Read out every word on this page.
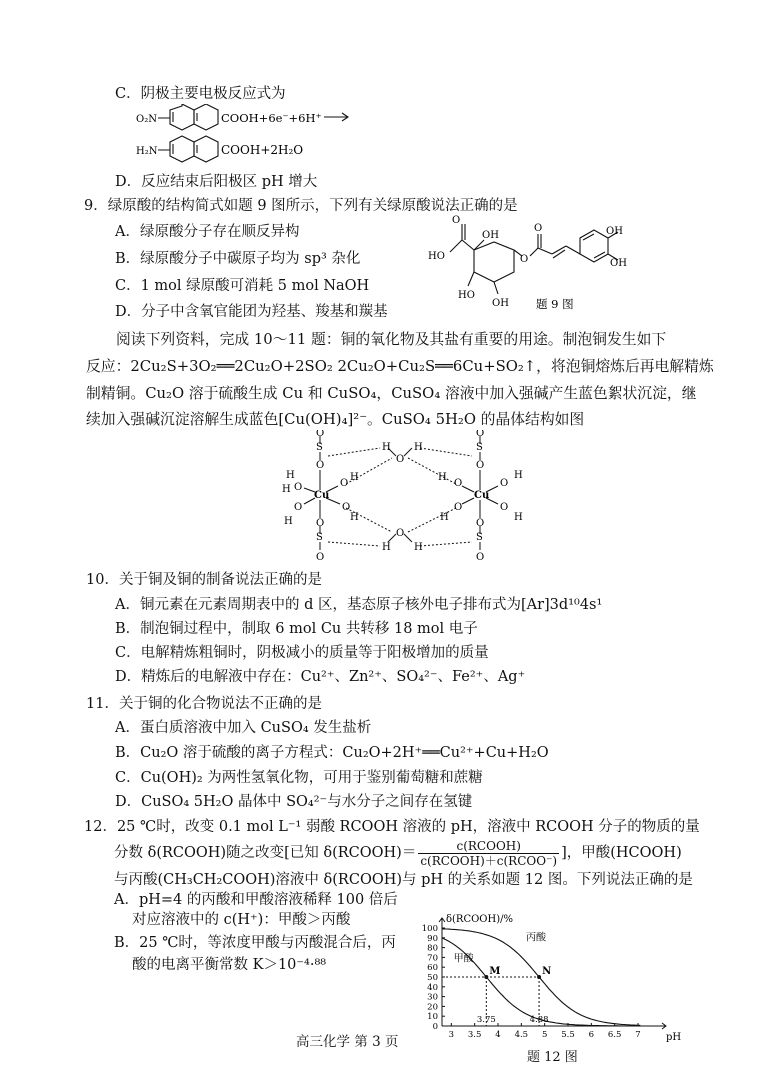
C．阴极主要电极反应式为
O₂N	COOH+6e⁻+6H⁺
H₂N	COOH+2H₂O
D．反应结束后阳极区 pH 增大
9．绿原酸的结构简式如题 9 图所示，下列有关绿原酸说法正确的是
A．绿原酸分子存在顺反异构
B．绿原酸分子中碳原子均为 sp³ 杂化
C．1 mol 绿原酸可消耗 5 mol NaOH
D．分子中含氧官能团为羟基、羧基和羰基
O
HO
OH
O
O	OH
OH
HO
OH 题 9 图
阅读下列资料，完成 10～11 题：铜的氧化物及其盐有重要的用途。制泡铜发生如下
反应：2Cu₂S+3O₂══2Cu₂O+2SO₂ 2Cu₂O+Cu₂S══6Cu+SO₂↑，将泡铜熔炼后再电解精炼
制精铜。Cu₂O 溶于硫酸生成 Cu 和 CuSO₄，CuSO₄ 溶液中加入强碱产生蓝色絮状沉淀，继
续加入强碱沉淀溶解生成蓝色[Cu(OH)₄]²⁻。CuSO₄ 5H₂O 的晶体结构如图
Cu	Cu
S	S
S	S
O	O
O	O
O	O
O	O
O	O
O	O
O	O
O	O
O
O
H H
H H
H
H	H
H	H
H	H
H	H
10．关于铜及铜的制备说法正确的是
A．铜元素在元素周期表中的 d 区，基态原子核外电子排布式为[Ar]3d¹⁰4s¹
B．制泡铜过程中，制取 6 mol Cu 共转移 18 mol 电子
C．电解精炼粗铜时，阴极减小的质量等于阳极增加的质量
D．精炼后的电解液中存在：Cu²⁺、Zn²⁺、SO₄²⁻、Fe²⁺、Ag⁺
11．关于铜的化合物说法不正确的是
A．蛋白质溶液中加入 CuSO₄ 发生盐析
B．Cu₂O 溶于硫酸的离子方程式：Cu₂O+2H⁺══Cu²⁺+Cu+H₂O
C．Cu(OH)₂ 为两性氢氧化物，可用于鉴别葡萄糖和蔗糖
D．CuSO₄ 5H₂O 晶体中 SO₄²⁻与水分子之间存在氢键
12．25 ℃时，改变 0.1 mol L⁻¹ 弱酸 RCOOH 溶液的 pH，溶液中 RCOOH 分子的物质的量
分数 δ(RCOOH)随之改变[已知 δ(RCOOH)＝ $\frac{\text{c(RCOOH)}}{\text{c(RCOOH)＋c(RCOO⁻)}}$ ]，甲酸(HCOOH)
与丙酸(CH₃CH₂COOH)溶液中 δ(RCOOH)与 pH 的关系如题 12 图。下列说法正确的是
A．pH=4 的丙酸和甲酸溶液稀释 100 倍后
对应溶液中的 c(H⁺)：甲酸＞丙酸
B．25 ℃时，等浓度甲酸与丙酸混合后，丙
酸的电离平衡常数 K＞10⁻⁴·⁸⁸
高三化学 第 3 页
δ(RCOOH)/%
pH
0
10
20
30
40
50
60
70
80
90
100
3 3.5 4 4.5 5 5.5 6 6.5 7
甲酸
丙酸
M
3.75
N
4.88
题 12 图
